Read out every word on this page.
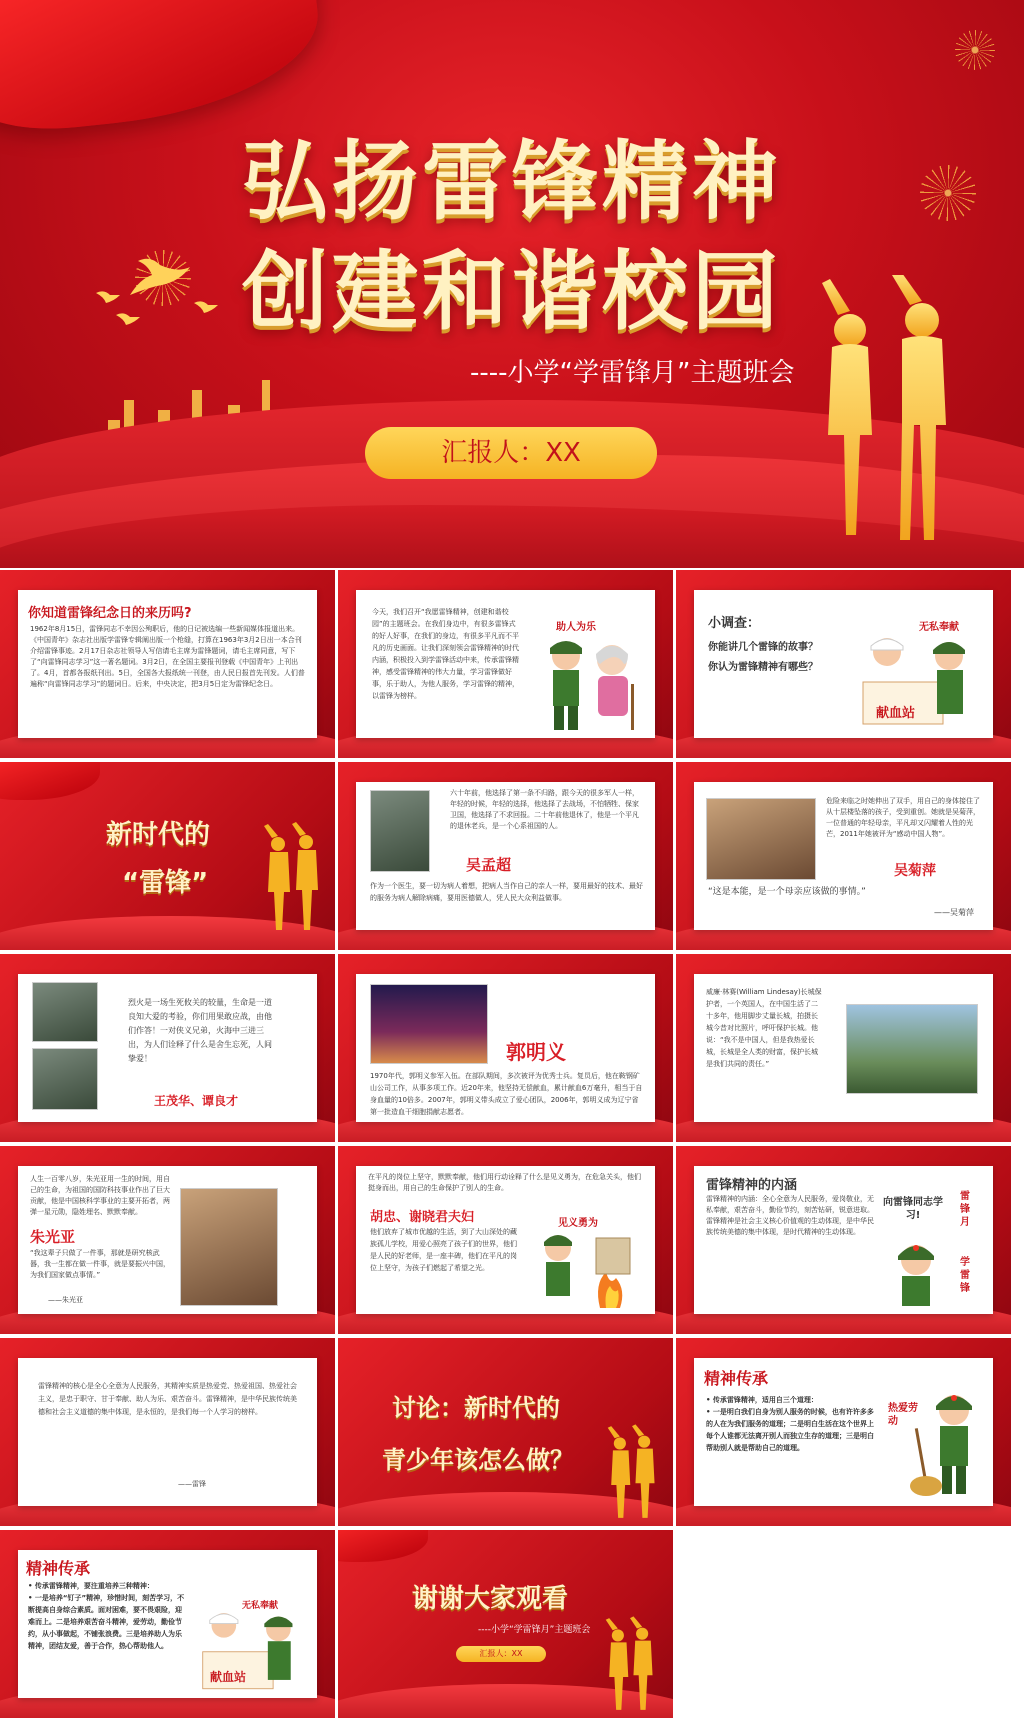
弘扬雷锋精神
创建和谐校园
----小学“学雷锋月”主题班会
汇报人：XX
你知道雷锋纪念日的来历吗?
1962年8月15日，雷锋同志不幸因公殉职后，他的日记被选编一些新闻媒体报道出来。《中国青年》杂志社出版学雷锋专辑阐出版一个枪缝，打算在1963年3月2日出一本合刊介绍雷锋事迹。2月17日杂志社领导人写信请毛主席为雷锋题词，请毛主席同意，写下了“向雷锋同志学习”这一著名题词。3月2日，在全国主要报刊登载《中国青年》上刊出了。4月，首都各报纸刊出。5日，全国各大报纸统一刊登，由人民日报首先刊发。人们普遍称“向雷锋同志学习”的题词日。后来，中央决定，把3月5日定为雷锋纪念日。
今天，我们召开“我愿雷锋精神，创建和谐校园”的主题班会。在我们身边中，有很多雷锋式的好人好事，在我们的身边，有很多平凡而不平凡的历史画面。让我们深刻领会雷锋精神的时代内涵，积极投入到学雷锋活动中来，传承雷锋精神，感受雷锋精神的伟大力量，学习雷锋做好事，乐于助人，为他人服务，学习雷锋的精神，以雷锋为榜样。
助人为乐	小调查：
你能讲几个雷锋的故事？
你认为雷锋精神有哪些？
无私奉献
献血站
新时代的
“雷锋”
六十年前，他选择了第一条不归路，跟今天的很多军人一样，年轻的时候，年轻的选择，他选择了去战场，不怕牺牲、保家卫国，他选择了不求回报。二十年前他退休了，他是一个平凡的退休老兵，是一个心系祖国的人。
吴孟超
作为一个医生，要一切为病人着想，把病人当作自己的亲人一样，要用最好的技术、最好的服务为病人解除病痛，要用医德做人，凭人民大众利益做事。
危险来临之时她伸出了双手，用自己的身体接住了从十层楼坠落的孩子，受到重创。她就是吴菊萍，一位普通的年轻母亲，平凡却又闪耀着人性的光芒，2011年她被评为“感动中国人物”。
吴菊萍
“这是本能，是一个母亲应该做的事情。”
——吴菊萍
烈火是一场生死攸关的较量，生命是一道良知大爱的考验，你们用果敢应战，由他们作答！一对侠义兄弟，火海中三进三出，为人们诠释了什么是舍生忘死，人间挚爱！
王茂华、谭良才
郭明义
1970年代，郭明义参军入伍。在部队期间，多次被评为优秀士兵。复员后，他在鞍钢矿山公司工作，从事多项工作。近20年来，他坚持无偿献血，累计献血6万毫升，相当于自身血量的10倍多。2007年，郭明义带头成立了爱心团队，2006年，郭明义成为辽宁省第一批造血干细胞捐献志愿者。
威廉·林赛(William Lindesay)长城保护者，一个英国人，在中国生活了二十多年，他用脚步丈量长城，拍摄长城今昔对比照片，呼吁保护长城。他说：“我不是中国人，但是我热爱长城，长城是全人类的财富，保护长城是我们共同的责任。”
人生一百零八岁，朱光亚用一生的时间，用自己的生命，为祖国的国防科技事业作出了巨大贡献，他是中国核科学事业的主要开拓者，两弹一星元勋，隐姓埋名、默默奉献。
朱光亚
“我这辈子只做了一件事，那就是研究核武器，我一生都在做一件事，就是要振兴中国，为我们国家做点事情。”
——朱光亚
在平凡的岗位上坚守，默默奉献，他们用行动诠释了什么是见义勇为，在危急关头，他们挺身而出，用自己的生命保护了别人的生命。
胡忠、谢晓君夫妇
他们放弃了城市优越的生活，到了大山深处的藏族孤儿学校，用爱心照亮了孩子们的世界，他们是人民的好老师，是一座丰碑，他们在平凡的岗位上坚守，为孩子们燃起了希望之光。
见义勇为
雷锋精神的内涵
雷锋精神的内涵：全心全意为人民服务，爱岗敬业，无私奉献，艰苦奋斗，勤俭节约，刻苦钻研，锐意进取。雷锋精神是社会主义核心价值观的生动体现，是中华民族传统美德的集中体现，是时代精神的生动体现。
向雷锋同志学习!
雷锋月
学雷锋
雷锋精神的核心是全心全意为人民服务，其精神实质是热爱党、热爱祖国、热爱社会主义，是忠于职守、甘于奉献、助人为乐、艰苦奋斗。雷锋精神，是中华民族传统美德和社会主义道德的集中体现，是永恒的，是我们每一个人学习的榜样。
——雷锋
讨论：新时代的
青少年该怎么做？
精神传承
• 传承雷锋精神，适用自三个道理：
• 一是明白我们自身为别人服务的时候，也有许许多多的人在为我们服务的道理；二是明白生活在这个世界上每个人谁都无法离开别人而独立生存的道理；三是明白帮助别人就是帮助自己的道理。
热爱劳动
精神传承
• 传承雷锋精神，要注重培养三种精神：
• 一是培养“钉子”精神，珍惜时间，刻苦学习，不断提高自身综合素质。面对困难，要不畏艰险，迎难而上。二是培养艰苦奋斗精神，爱劳动，勤俭节约，从小事做起，不铺张浪费。三是培养助人为乐精神，团结友爱，善于合作，热心帮助他人。
无私奉献
献血站
谢谢大家观看
----小学“学雷锋月”主题班会
汇报人：XX
